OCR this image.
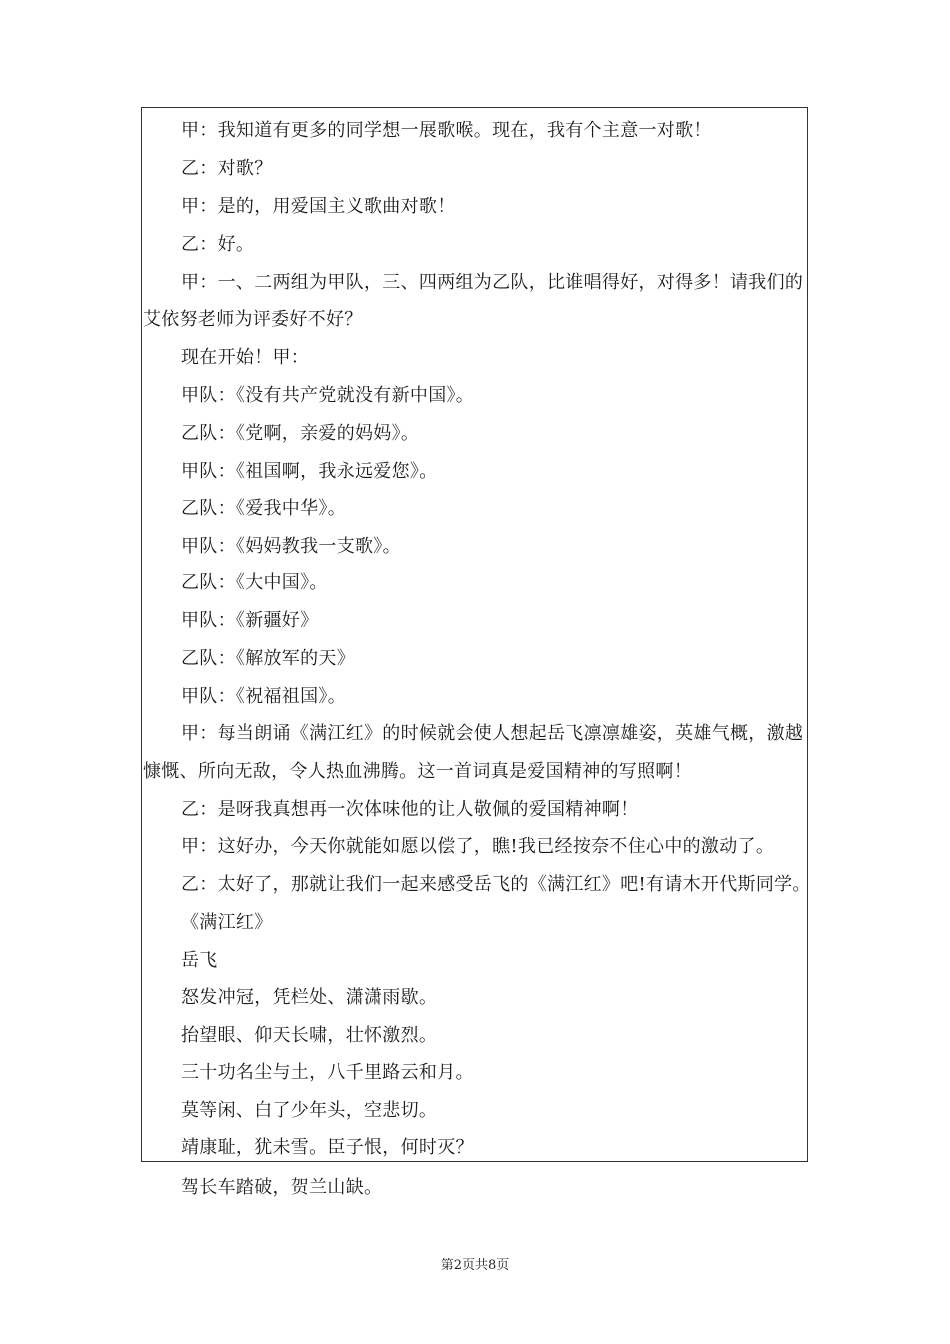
甲：我知道有更多的同学想一展歌喉。现在，我有个主意一对歌！
乙：对歌？
甲：是的，用爱国主义歌曲对歌！
乙：好。
甲：一、二两组为甲队，三、四两组为乙队，比谁唱得好，对得多！请我们的
艾依努老师为评委好不好？
现在开始！甲：
甲队：《没有共产党就没有新中国》。
乙队：《党啊，亲爱的妈妈》。
甲队：《祖国啊，我永远爱您》。
乙队：《爱我中华》。
甲队：《妈妈教我一支歌》。
乙队：《大中国》。
甲队：《新疆好》
乙队：《解放军的天》
甲队：《祝福祖国》。
甲：每当朗诵《满江红》的时候就会使人想起岳飞凛凛雄姿，英雄气概，激越
慷慨、所向无敌，令人热血沸腾。这一首词真是爱国精神的写照啊！
乙：是呀我真想再一次体味他的让人敬佩的爱国精神啊！
甲：这好办，今天你就能如愿以偿了，瞧!我已经按奈不住心中的激动了。
乙：太好了，那就让我们一起来感受岳飞的《满江红》吧!有请木开代斯同学。
《满江红》
岳飞
怒发冲冠，凭栏处、潇潇雨歇。
抬望眼、仰天长啸，壮怀激烈。
三十功名尘与土，八千里路云和月。
莫等闲、白了少年头，空悲切。
靖康耻，犹未雪。臣子恨，何时灭？
驾长车踏破，贺兰山缺。
第2页共8页
